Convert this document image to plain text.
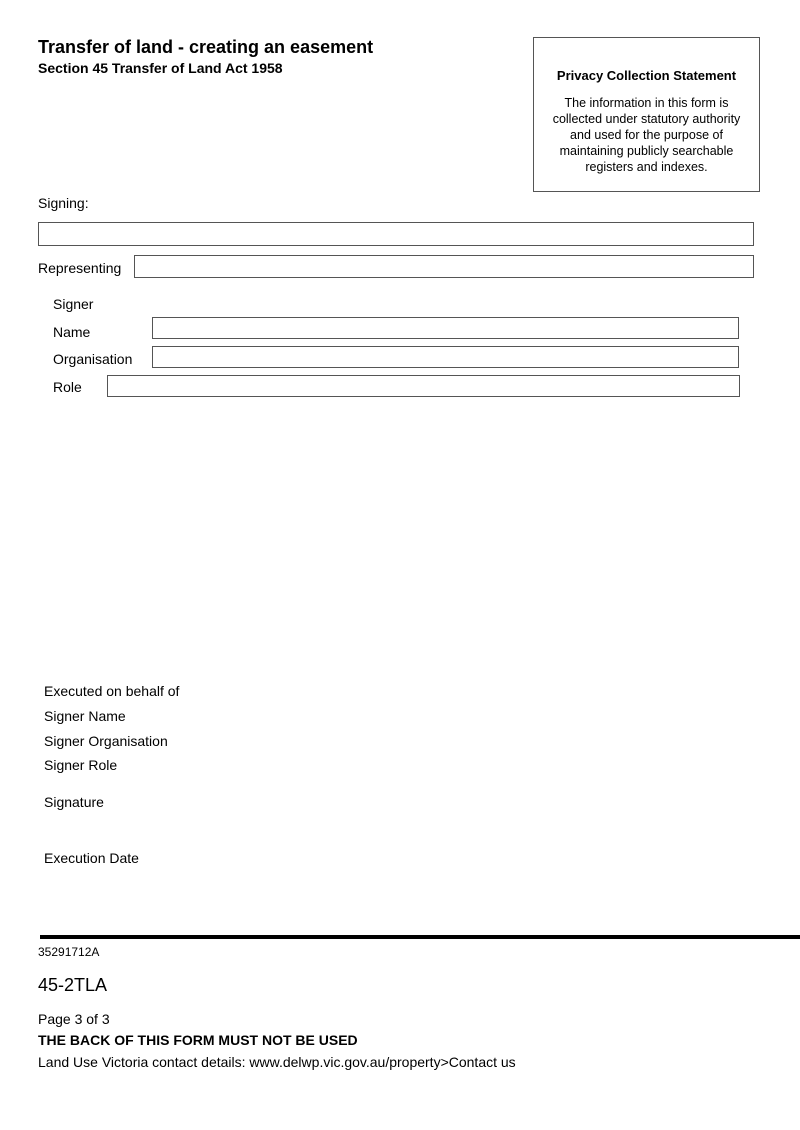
Transfer of land - creating an easement
Section 45 Transfer of Land Act 1958	Privacy Collection Statement
The information in this form is collected under statutory authority and used for the purpose of maintaining publicly searchable registers and indexes.
Signing:
Representing
Signer
Name
Organisation
Role
Executed on behalf of
Signer Name
Signer Organisation
Signer Role
Signature
Execution Date
35291712A
45-2TLA
Page 3 of 3
THE BACK OF THIS FORM MUST NOT BE USED
Land Use Victoria contact details: www.delwp.vic.gov.au/property>Contact us
